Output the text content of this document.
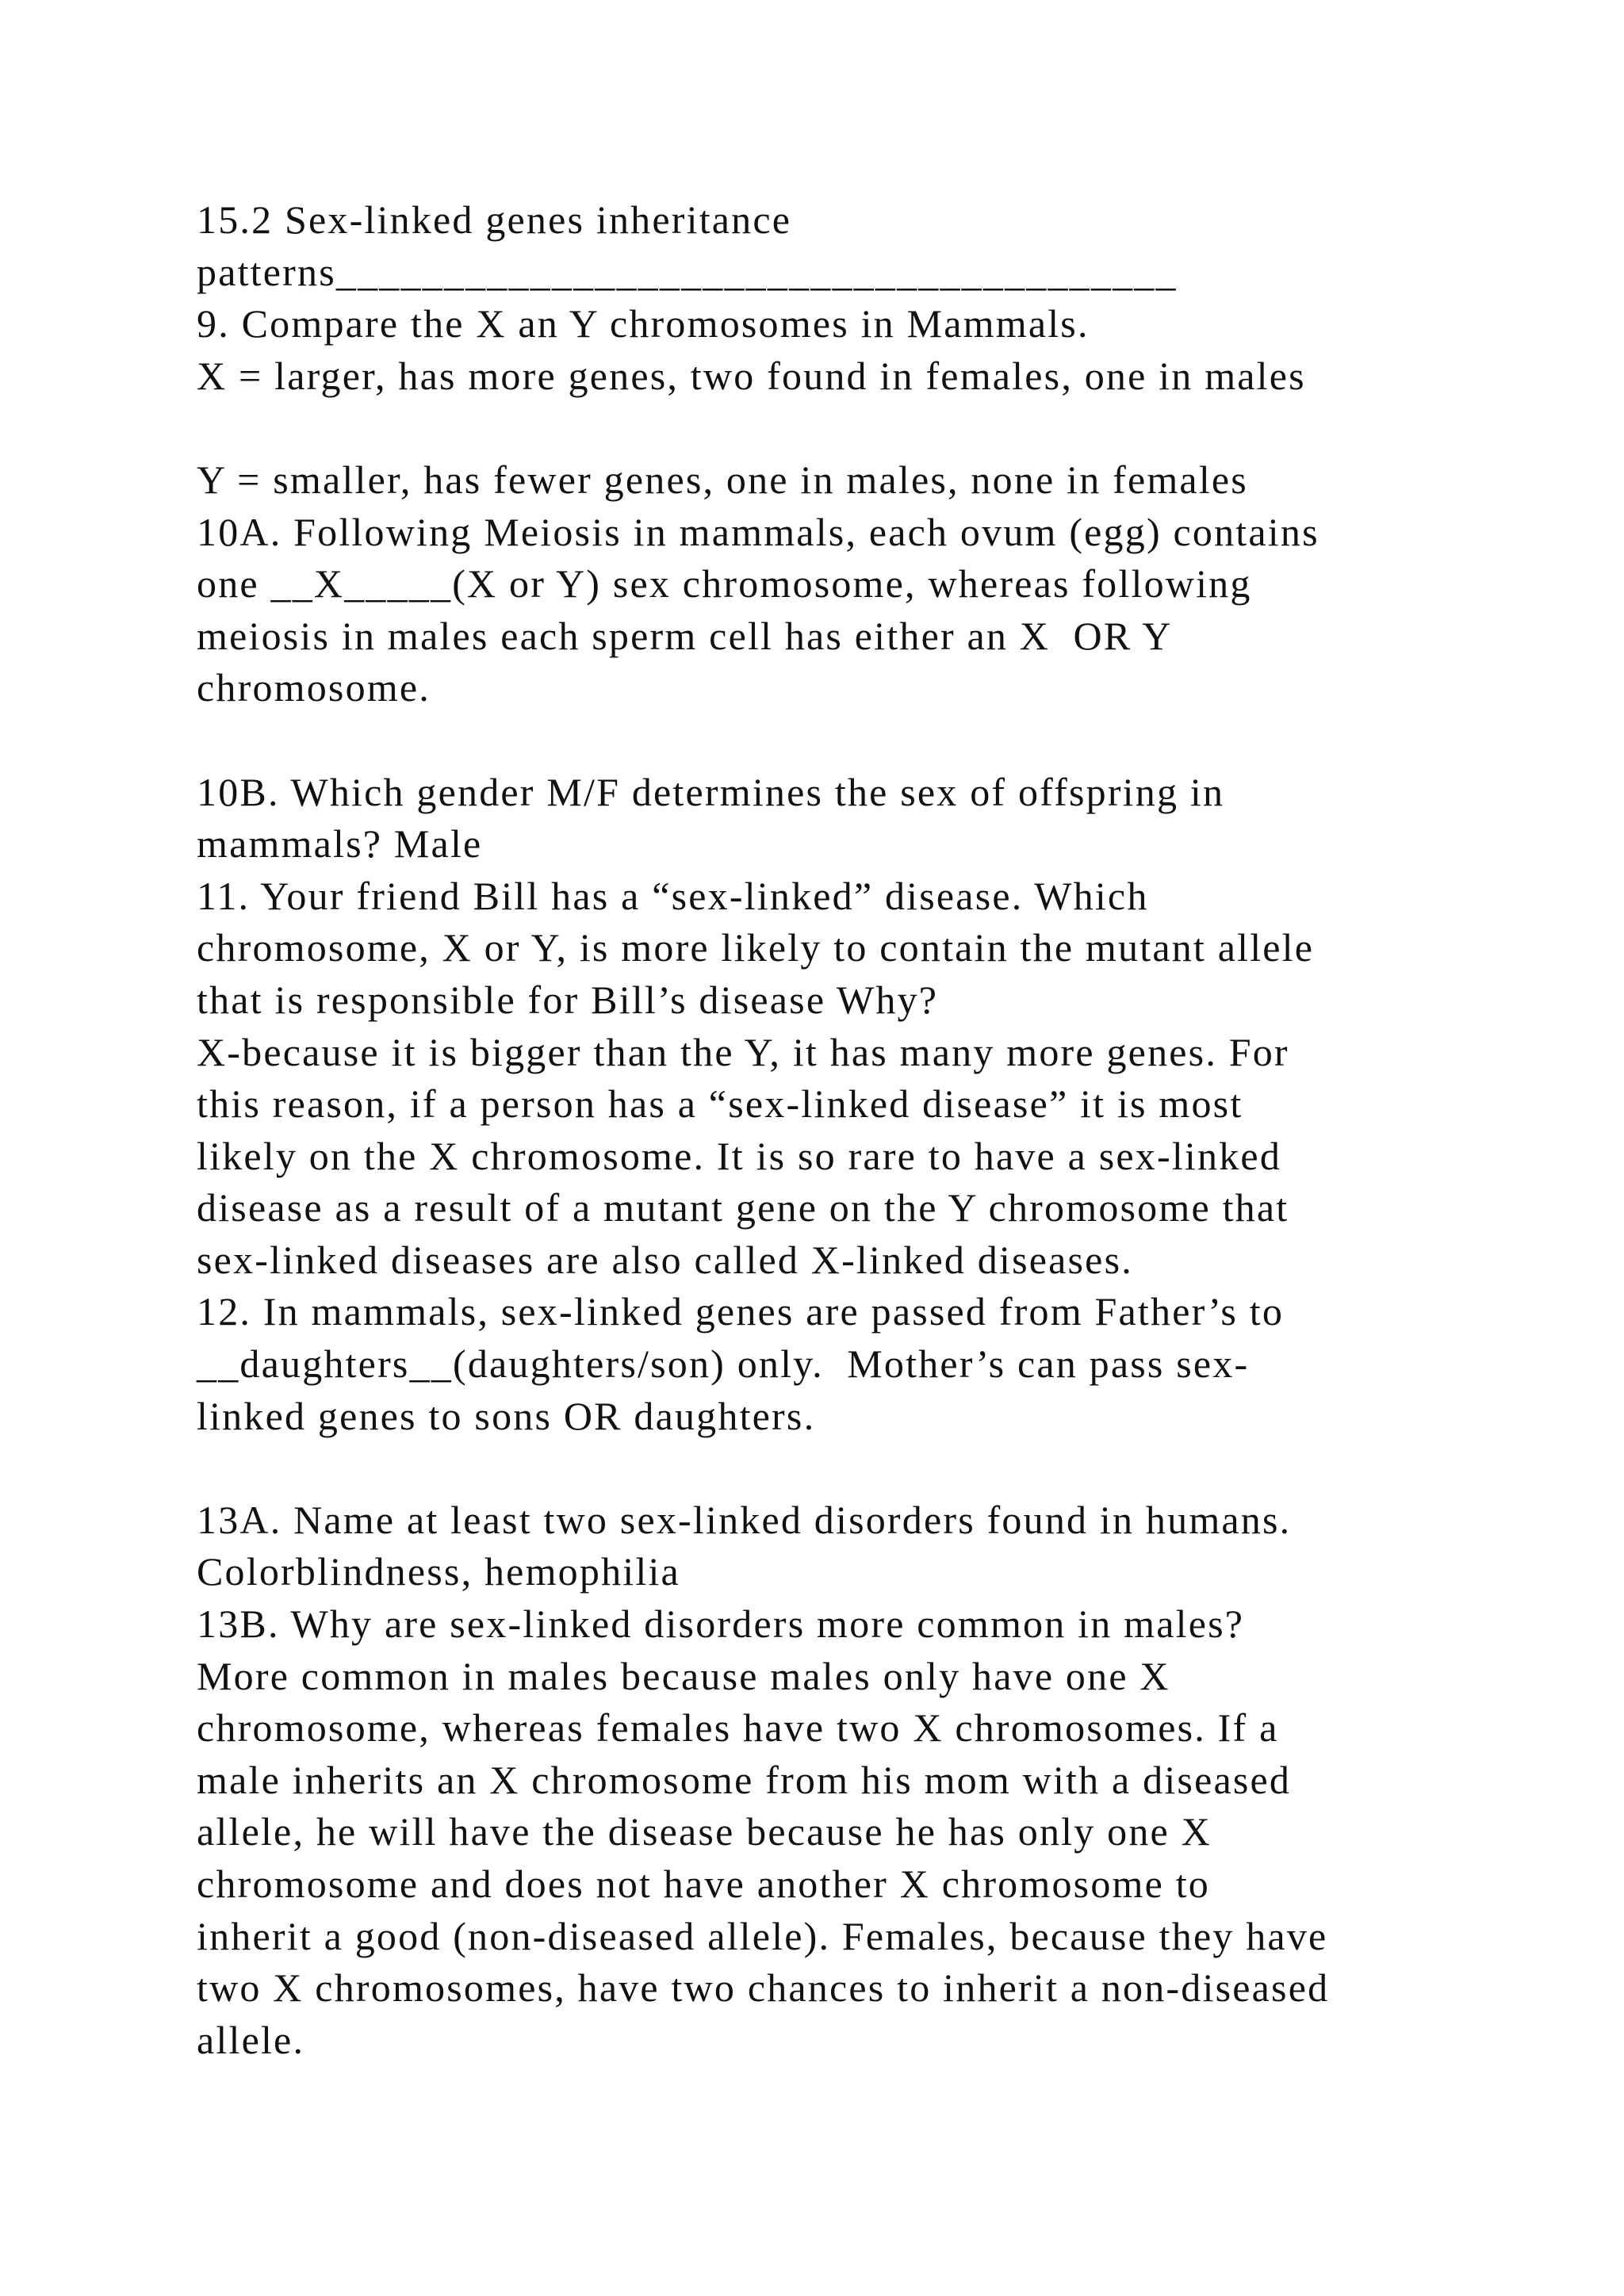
15.2 Sex-linked genes inheritance
patterns_______________________________________
9. Compare the X an Y chromosomes in Mammals.
X = larger, has more genes, two found in females, one in males
Y = smaller, has fewer genes, one in males, none in females
10A. Following Meiosis in mammals, each ovum (egg) contains
one __X_____(X or Y) sex chromosome, whereas following
meiosis in males each sperm cell has either an X  OR Y
chromosome.
10B. Which gender M/F determines the sex of offspring in
mammals? Male
11. Your friend Bill has a “sex-linked” disease. Which
chromosome, X or Y, is more likely to contain the mutant allele
that is responsible for Bill’s disease Why?
X-because it is bigger than the Y, it has many more genes. For
this reason, if a person has a “sex-linked disease” it is most
likely on the X chromosome. It is so rare to have a sex-linked
disease as a result of a mutant gene on the Y chromosome that
sex-linked diseases are also called X-linked diseases.
12. In mammals, sex-linked genes are passed from Father’s to
__daughters__(daughters/son) only.  Mother’s can pass sex-
linked genes to sons OR daughters.
13A. Name at least two sex-linked disorders found in humans.
Colorblindness, hemophilia
13B. Why are sex-linked disorders more common in males?
More common in males because males only have one X
chromosome, whereas females have two X chromosomes. If a
male inherits an X chromosome from his mom with a diseased
allele, he will have the disease because he has only one X
chromosome and does not have another X chromosome to
inherit a good (non-diseased allele). Females, because they have
two X chromosomes, have two chances to inherit a non-diseased
allele.
